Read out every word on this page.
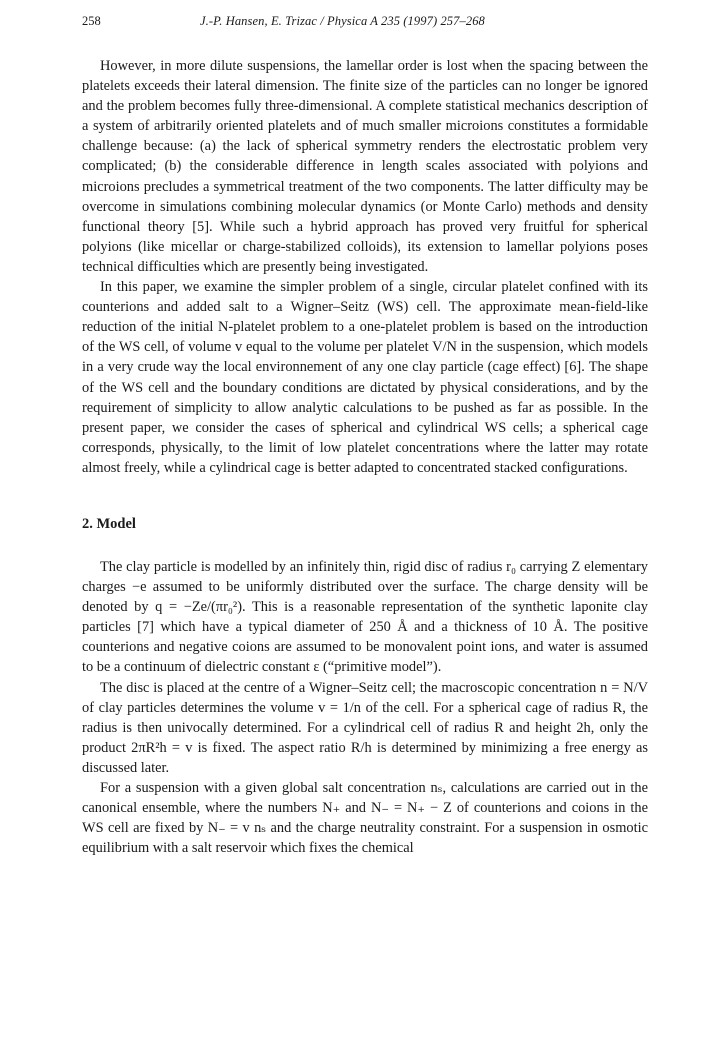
258	J.-P. Hansen, E. Trizac / Physica A 235 (1997) 257–268

However, in more dilute suspensions, the lamellar order is lost when the spacing between the platelets exceeds their lateral dimension. The finite size of the particles can no longer be ignored and the problem becomes fully three-dimensional. A complete statistical mechanics description of a system of arbitrarily oriented platelets and of much smaller microions constitutes a formidable challenge because: (a) the lack of spherical symmetry renders the electrostatic problem very complicated; (b) the considerable difference in length scales associated with polyions and microions precludes a symmetrical treatment of the two components. The latter difficulty may be overcome in simulations combining molecular dynamics (or Monte Carlo) methods and density functional theory [5]. While such a hybrid approach has proved very fruitful for spherical polyions (like micellar or charge-stabilized colloids), its extension to lamellar polyions poses technical difficulties which are presently being investigated.

In this paper, we examine the simpler problem of a single, circular platelet confined with its counterions and added salt to a Wigner–Seitz (WS) cell. The approximate mean-field-like reduction of the initial N-platelet problem to a one-platelet problem is based on the introduction of the WS cell, of volume v equal to the volume per platelet V/N in the suspension, which models in a very crude way the local environnement of any one clay particle (cage effect) [6]. The shape of the WS cell and the boundary conditions are dictated by physical considerations, and by the requirement of simplicity to allow analytic calculations to be pushed as far as possible. In the present paper, we consider the cases of spherical and cylindrical WS cells; a spherical cage corresponds, physically, to the limit of low platelet concentrations where the latter may rotate almost freely, while a cylindrical cage is better adapted to concentrated stacked configurations.

2. Model

The clay particle is modelled by an infinitely thin, rigid disc of radius r₀ carrying Z elementary charges −e assumed to be uniformly distributed over the surface. The charge density will be denoted by q = −Ze/(πr₀²). This is a reasonable representation of the synthetic laponite clay particles [7] which have a typical diameter of 250 Å and a thickness of 10 Å. The positive counterions and negative coions are assumed to be monovalent point ions, and water is assumed to be a continuum of dielectric constant ε (“primitive model”).

The disc is placed at the centre of a Wigner–Seitz cell; the macroscopic concentration n = N/V of clay particles determines the volume v = 1/n of the cell. For a spherical cage of radius R, the radius is then univocally determined. For a cylindrical cell of radius R and height 2h, only the product 2πR²h = v is fixed. The aspect ratio R/h is determined by minimizing a free energy as discussed later.

For a suspension with a given global salt concentration nₛ, calculations are carried out in the canonical ensemble, where the numbers N₊ and N₋ = N₊ − Z of counterions and coions in the WS cell are fixed by N₋ = v nₛ and the charge neutrality constraint. For a suspension in osmotic equilibrium with a salt reservoir which fixes the chemical
